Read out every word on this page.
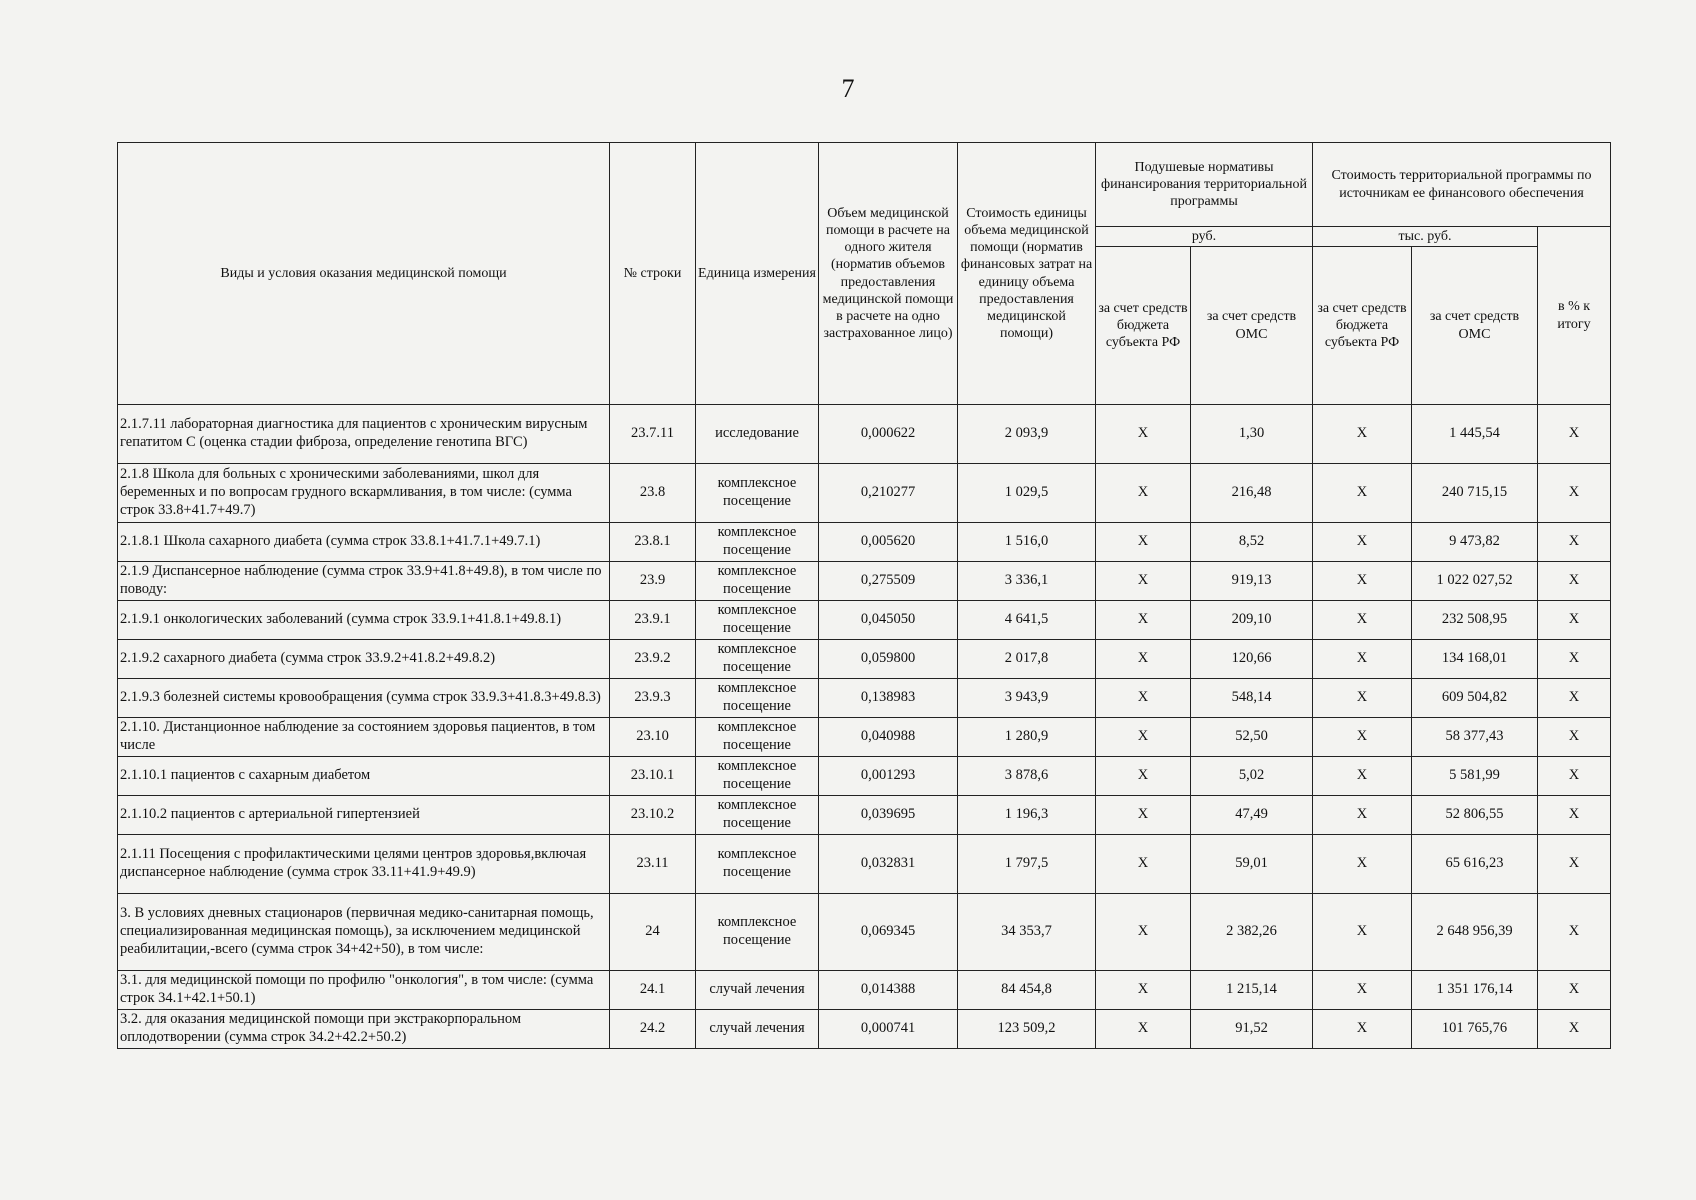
7
Виды и условия оказания медицинской помощи	№ строки	Единица измерения	Объем медицинской помощи в расчете на одного жителя (норматив объемов предоставления медицинской помощи в расчете на одно застрахованное лицо)	Стоимость единицы объема медицинской помощи (норматив финансовых затрат на единицу объема предоставления медицинской помощи)	Подушевые нормативы финансирования территориальной программы		Стоимость территориальной программы по источникам ее финансового обеспечения		
					руб.		тыс. руб.		в % к итогу
					за счет средств бюджета субъекта РФ	за счет средств ОМС	за счет средств бюджета субъекта РФ	за счет средств ОМС	
2.1.7.11 лабораторная диагностика для пациентов с хроническим вирусным гепатитом С (оценка стадии фиброза, определение генотипа ВГС)	23.7.11	исследование	0,000622	2 093,9	Х	1,30	Х	1 445,54	Х
2.1.8 Школа для больных с хроническими заболеваниями, школ для беременных и по вопросам грудного вскармливания, в том числе: (сумма строк 33.8+41.7+49.7)	23.8	комплексное посещение	0,210277	1 029,5	Х	216,48	Х	240 715,15	Х
2.1.8.1 Школа сахарного диабета (сумма строк 33.8.1+41.7.1+49.7.1)	23.8.1	комплексное посещение	0,005620	1 516,0	Х	8,52	Х	9 473,82	Х
2.1.9 Диспансерное наблюдение (сумма строк 33.9+41.8+49.8), в том числе по поводу:	23.9	комплексное посещение	0,275509	3 336,1	Х	919,13	Х	1 022 027,52	Х
2.1.9.1 онкологических заболеваний (сумма строк 33.9.1+41.8.1+49.8.1)	23.9.1	комплексное посещение	0,045050	4 641,5	Х	209,10	Х	232 508,95	Х
2.1.9.2 сахарного диабета (сумма строк 33.9.2+41.8.2+49.8.2)	23.9.2	комплексное посещение	0,059800	2 017,8	Х	120,66	Х	134 168,01	Х
2.1.9.3 болезней системы кровообращения (сумма строк 33.9.3+41.8.3+49.8.3)	23.9.3	комплексное посещение	0,138983	3 943,9	Х	548,14	Х	609 504,82	Х
2.1.10. Дистанционное наблюдение за состоянием здоровья пациентов, в том числе	23.10	комплексное посещение	0,040988	1 280,9	Х	52,50	Х	58 377,43	Х
2.1.10.1 пациентов с сахарным диабетом	23.10.1	комплексное посещение	0,001293	3 878,6	Х	5,02	Х	5 581,99	Х
2.1.10.2 пациентов с артериальной гипертензией	23.10.2	комплексное посещение	0,039695	1 196,3	Х	47,49	Х	52 806,55	Х
2.1.11 Посещения с профилактическими целями центров здоровья,включая диспансерное наблюдение (сумма строк 33.11+41.9+49.9)	23.11	комплексное посещение	0,032831	1 797,5	Х	59,01	Х	65 616,23	Х
3. В условиях дневных стационаров (первичная медико-санитарная помощь, специализированная медицинская помощь), за исключением медицинской реабилитации,-всего (сумма строк 34+42+50), в том числе:	24	комплексное посещение	0,069345	34 353,7	Х	2 382,26	Х	2 648 956,39	Х
3.1. для медицинской помощи по профилю "онкология", в том числе: (сумма строк 34.1+42.1+50.1)	24.1	случай лечения	0,014388	84 454,8	Х	1 215,14	Х	1 351 176,14	Х
3.2. для оказания медицинской помощи при экстракорпоральном оплодотворении (сумма строк 34.2+42.2+50.2)	24.2	случай лечения	0,000741	123 509,2	Х	91,52	Х	101 765,76	Х
